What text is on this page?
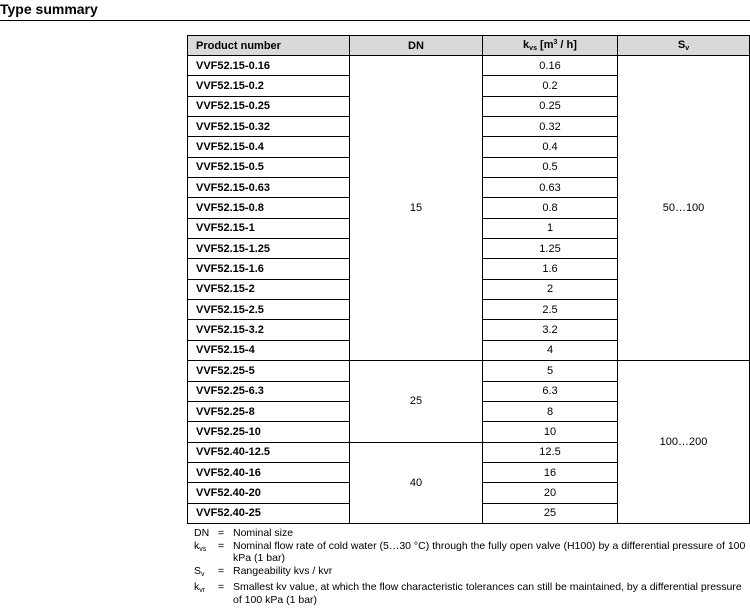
Type summary
Product number	DN	$k_{vs}$ $[m^3 / h]$	$S_v$
VVF52.15-0.16	15	0.16	50…100
VVF52.15-0.2		0.2	
VVF52.15-0.25		0.25	
VVF52.15-0.32		0.32	
VVF52.15-0.4		0.4	
VVF52.15-0.5		0.5	
VVF52.15-0.63		0.63	
VVF52.15-0.8		0.8	
VVF52.15-1		1	
VVF52.15-1.25		1.25	
VVF52.15-1.6		1.6	
VVF52.15-2		2	
VVF52.15-2.5		2.5	
VVF52.15-3.2		3.2	
VVF52.15-4		4	
VVF52.25-5	25	5	100…200
VVF52.25-6.3		6.3	
VVF52.25-8		8	
VVF52.25-10		10	
VVF52.40-12.5	40	12.5	
VVF52.40-16		16	
VVF52.40-20		20	
VVF52.40-25		25	
DN = Nominal size
$k_{vs}$	= Nominal flow rate of cold water (5…30 °C) through the fully open valve (H100) by a differential pressure of 100 kPa (1 bar)
$S_v$	= Rangeability kvs / kvr
$k_{vr}$	= Smallest kv value, at which the flow characteristic tolerances can still be maintained, by a differential pressure of 100 kPa (1 bar)
